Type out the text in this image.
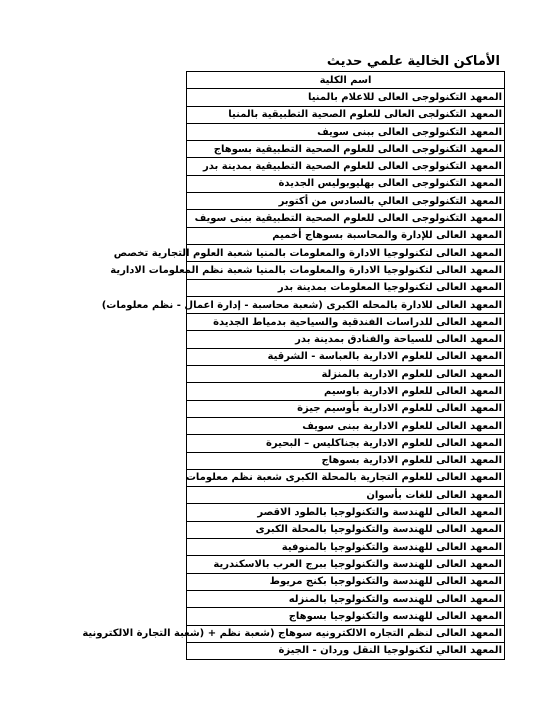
الأماكن الخالية علمي حديث
اسم الكلية
المعهد التكنولوجى العالى للاعلام بالمنيا
المعهد التكنولجى العالى للعلوم الصحية التطبيقية بالمنيا
المعهد التكنولوجى العالى ببنى سويف
المعهد التكنولوجى العالى للعلوم الصحية التطبيقية بسوهاج
المعهد التكنولوجى العالى للعلوم الصحية التطبيقية بمدينة بدر
المعهد التكنولوجى العالى بهليوبوليس الجديدة
المعهد التكنولوجى العالي بالسادس من أكتوبر
المعهد التكنولوجى العالى للعلوم الصحية التطبيقية ببنى سويف
المعهد العالى للإدارة والمحاسبة بسوهاج أخميم
المعهد العالى لتكنولوجيا الادارة والمعلومات بالمنيا شعبة العلوم التجارية تخصص
المعهد العالى لتكنولوجيا الادارة والمعلومات بالمنيا شعبة نظم المعلومات الادارية
المعهد العالى لتكنولوجيا المعلومات بمدينة بدر
المعهد العالى للادارة بالمحله الكبرى (شعبة محاسبة - إدارة اعمال - نظم معلومات)
المعهد العالى للدراسات الفندقية والسياحية بدمياط الجديدة
المعهد العالى للسياحة والفنادق بمدينة بدر
المعهد العالى للعلوم الادارية بالعباسة - الشرقية
المعهد العالى للعلوم الادارية بالمنزلة
المعهد العالى للعلوم الادارية باوسيم
المعهد العالى للعلوم الادارية بأوسيم جيزة
المعهد العالى للعلوم الادارية ببنى سويف
المعهد العالى للعلوم الادارية بجناكليس – البحيرة
المعهد العالى للعلوم الادارية بسوهاج
المعهد العالى للعلوم التجارية بالمحلة الكبرى شعبة نظم معلومات
المعهد العالى للغات بأسوان
المعهد العالى للهندسة والتكنولوجيا بالطود الاقصر
المعهد العالى للهندسة والتكنولوجيا بالمحلة الكبرى
المعهد العالى للهندسة والتكنولوجيا بالمنوفية
المعهد العالى للهندسة والتكنولوجيا ببرج العرب بالاسكندرية
المعهد العالى للهندسة والتكنولوجيا بكنج مريوط
المعهد العالى للهندسه والتكنولوجيا بالمنزله
المعهد العالى للهندسه والتكنولوجيا بسوهاج
المعهد العالى لنظم التجاره الالكترونيه سوهاج (شعبة نظم + (شعبة التجارة الالكترونية
المعهد العالي لتكنولوجيا النقل وردان - الجيزة
